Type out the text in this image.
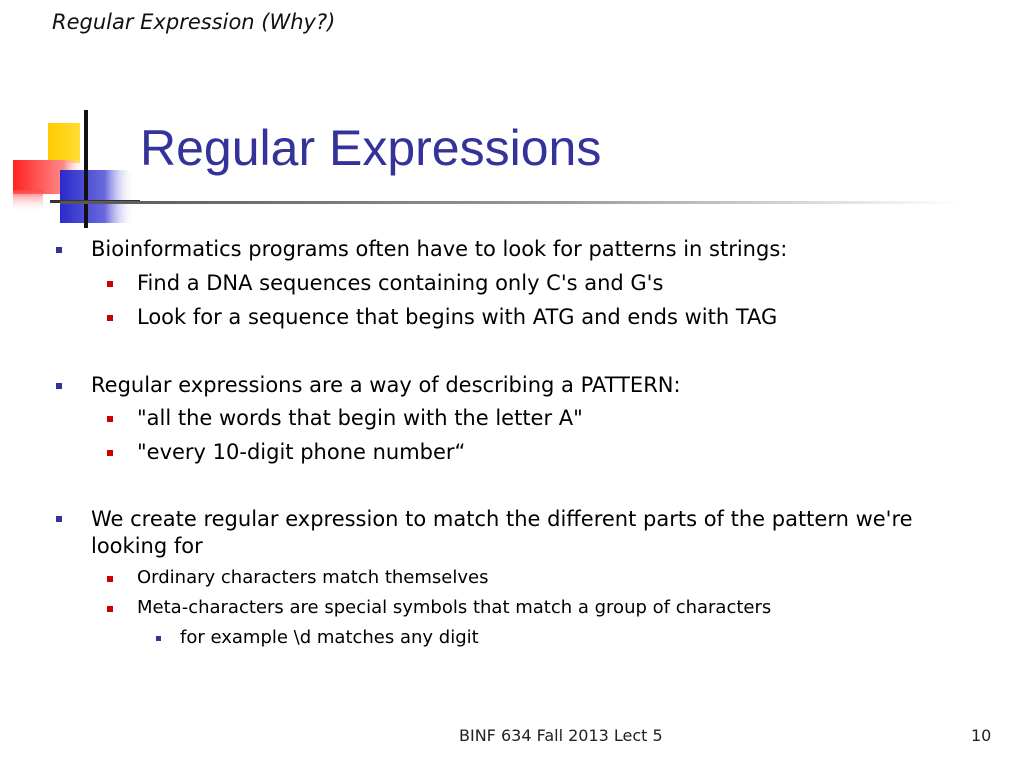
Regular Expression (Why?)
Regular Expressions
Bioinformatics programs often have to look for patterns in strings:
Find a DNA sequences containing only C's and G's
Look for a sequence that begins with ATG and ends with TAG
Regular expressions are a way of describing a PATTERN:
"all the words that begin with the letter A"
"every 10-digit phone number“
We create regular expression to match the different parts of the pattern we're looking for
Ordinary characters match themselves
Meta-characters are special symbols that match a group of characters
for example \d matches any digit
BINF 634 Fall 2013 Lect 5	10
